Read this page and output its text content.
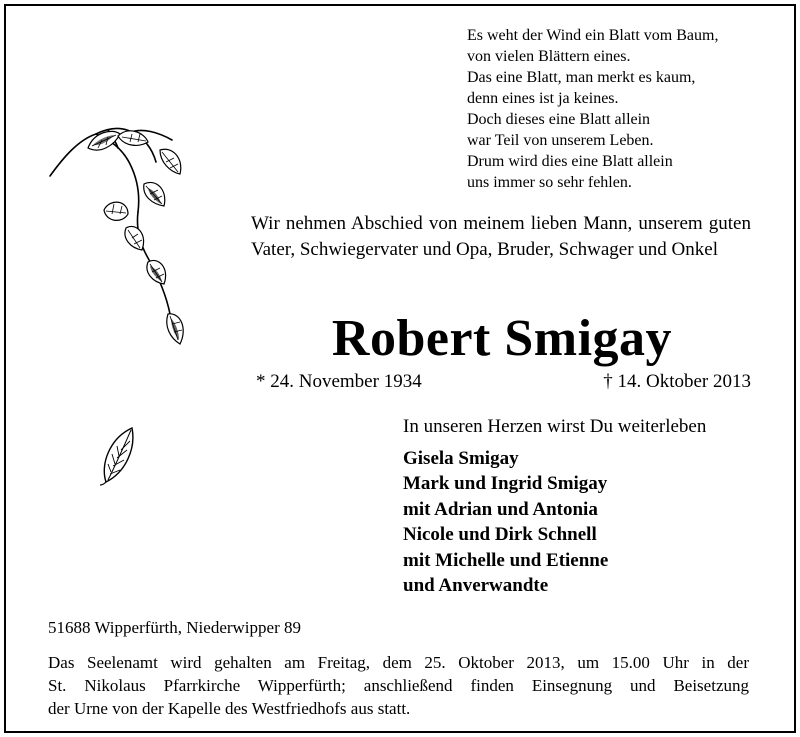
Es weht der Wind ein Blatt vom Baum,
von vielen Blättern eines.
Das eine Blatt, man merkt es kaum,
denn eines ist ja keines.
Doch dieses eine Blatt allein
war Teil von unserem Leben.
Drum wird dies eine Blatt allein
uns immer so sehr fehlen.
Wir nehmen Abschied von meinem lieben Mann, unserem guten Vater, Schwiegervater und Opa, Bruder, Schwager und Onkel
Robert Smigay
* 24. November 1934	† 14. Oktober 2013
In unseren Herzen wirst Du weiterleben
Gisela Smigay
Mark und Ingrid Smigay
mit Adrian und Antonia
Nicole und Dirk Schnell
mit Michelle und Etienne
und Anverwandte
51688 Wipperfürth, Niederwipper 89
Das Seelenamt wird gehalten am Freitag, dem 25. Oktober 2013, um 15.00 Uhr in der
St. Nikolaus Pfarrkirche Wipperfürth; anschließend finden Einsegnung und Beisetzung
der Urne von der Kapelle des Westfriedhofs aus statt.
